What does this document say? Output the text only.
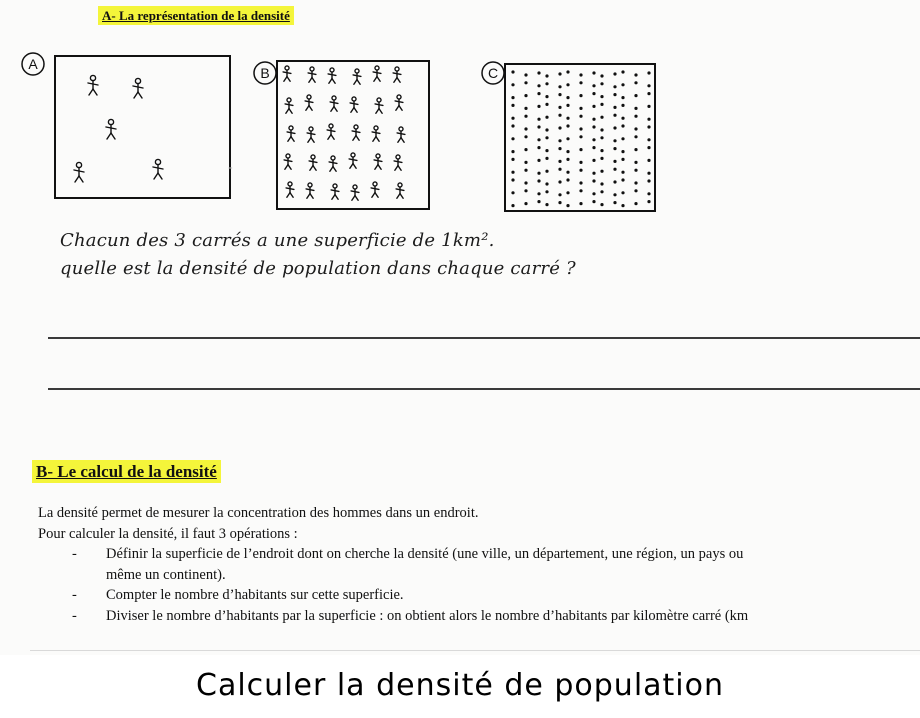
A- La représentation de la densité
A
B	C
Chacun des 3 carrés a une superficie de 1km².
quelle est la densité de population dans chaque carré ?
-
B- Le calcul de la densité

La densité permet de mesurer la concentration des hommes dans un endroit.

Pour calculer la densité, il faut 3 opérations :

- Définir la superficie de l’endroit dont on cherche la densité (une ville, un département, une région, un pays ou
même un continent).
- Compter le nombre d’habitants sur cette superficie.
- Diviser le nombre d’habitants par la superficie : on obtient alors le nombre d’habitants par kilomètre carré (km
Calculer la densité de population
